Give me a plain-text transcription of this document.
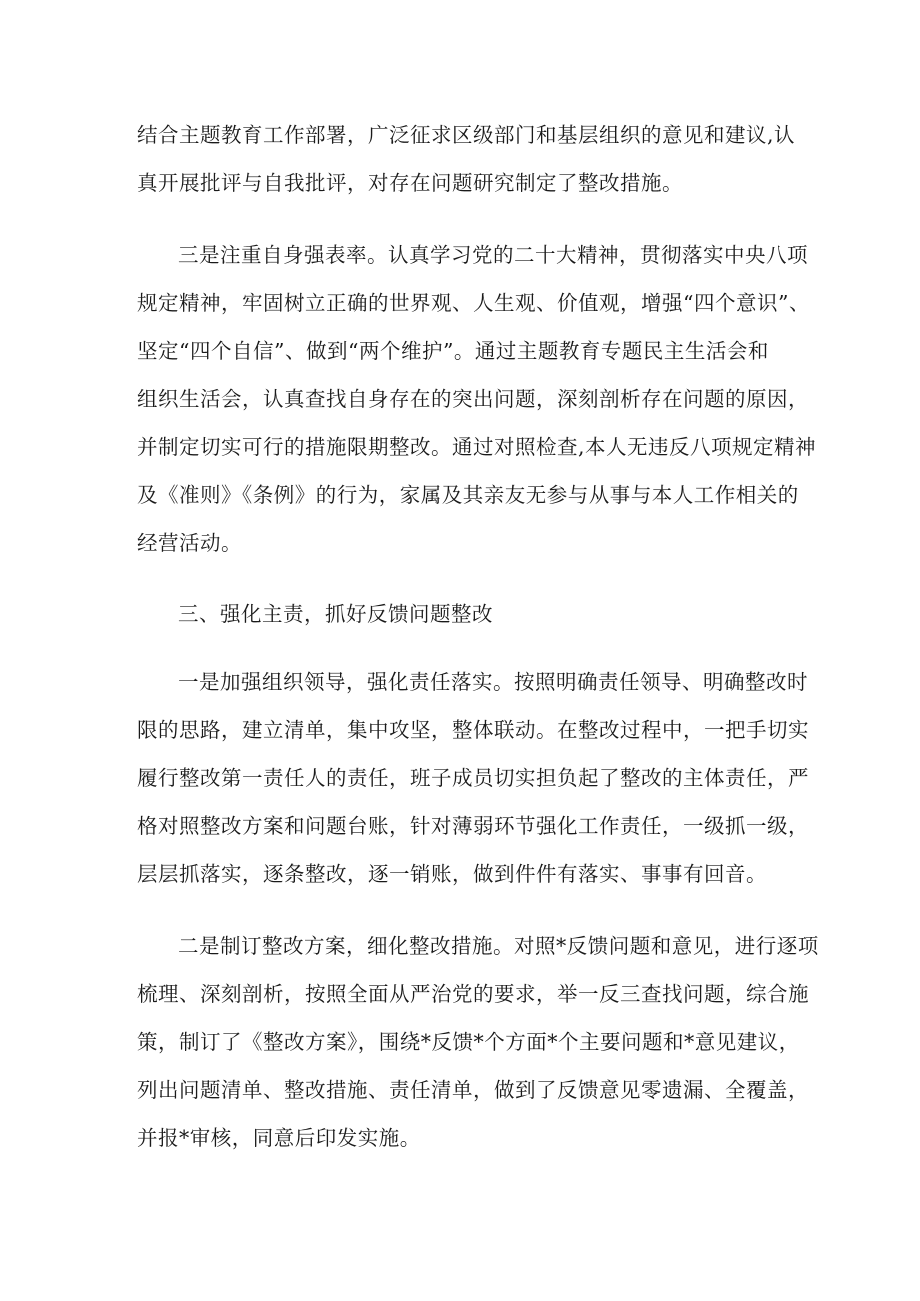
结合主题教育工作部署，广泛征求区级部门和基层组织的意见和建议,认
真开展批评与自我批评，对存在问题研究制定了整改措施。
三是注重自身强表率。认真学习党的二十大精神，贯彻落实中央八项
规定精神，牢固树立正确的世界观、人生观、价值观，增强“四个意识”、
坚定“四个自信”、做到“两个维护”。通过主题教育专题民主生活会和
组织生活会，认真查找自身存在的突出问题，深刻剖析存在问题的原因，
并制定切实可行的措施限期整改。通过对照检查,本人无违反八项规定精神
及《准则》《条例》的行为，家属及其亲友无参与从事与本人工作相关的
经营活动。
三、强化主责，抓好反馈问题整改
一是加强组织领导，强化责任落实。按照明确责任领导、明确整改时
限的思路，建立清单，集中攻坚，整体联动。在整改过程中，一把手切实
履行整改第一责任人的责任，班子成员切实担负起了整改的主体责任，严
格对照整改方案和问题台账，针对薄弱环节强化工作责任，一级抓一级，
层层抓落实，逐条整改，逐一销账，做到件件有落实、事事有回音。
二是制订整改方案，细化整改措施。对照*反馈问题和意见，进行逐项
梳理、深刻剖析，按照全面从严治党的要求，举一反三查找问题，综合施
策，制订了《整改方案》，围绕*反馈*个方面*个主要问题和*意见建议，
列出问题清单、整改措施、责任清单，做到了反馈意见零遗漏、全覆盖，
并报*审核，同意后印发实施。
